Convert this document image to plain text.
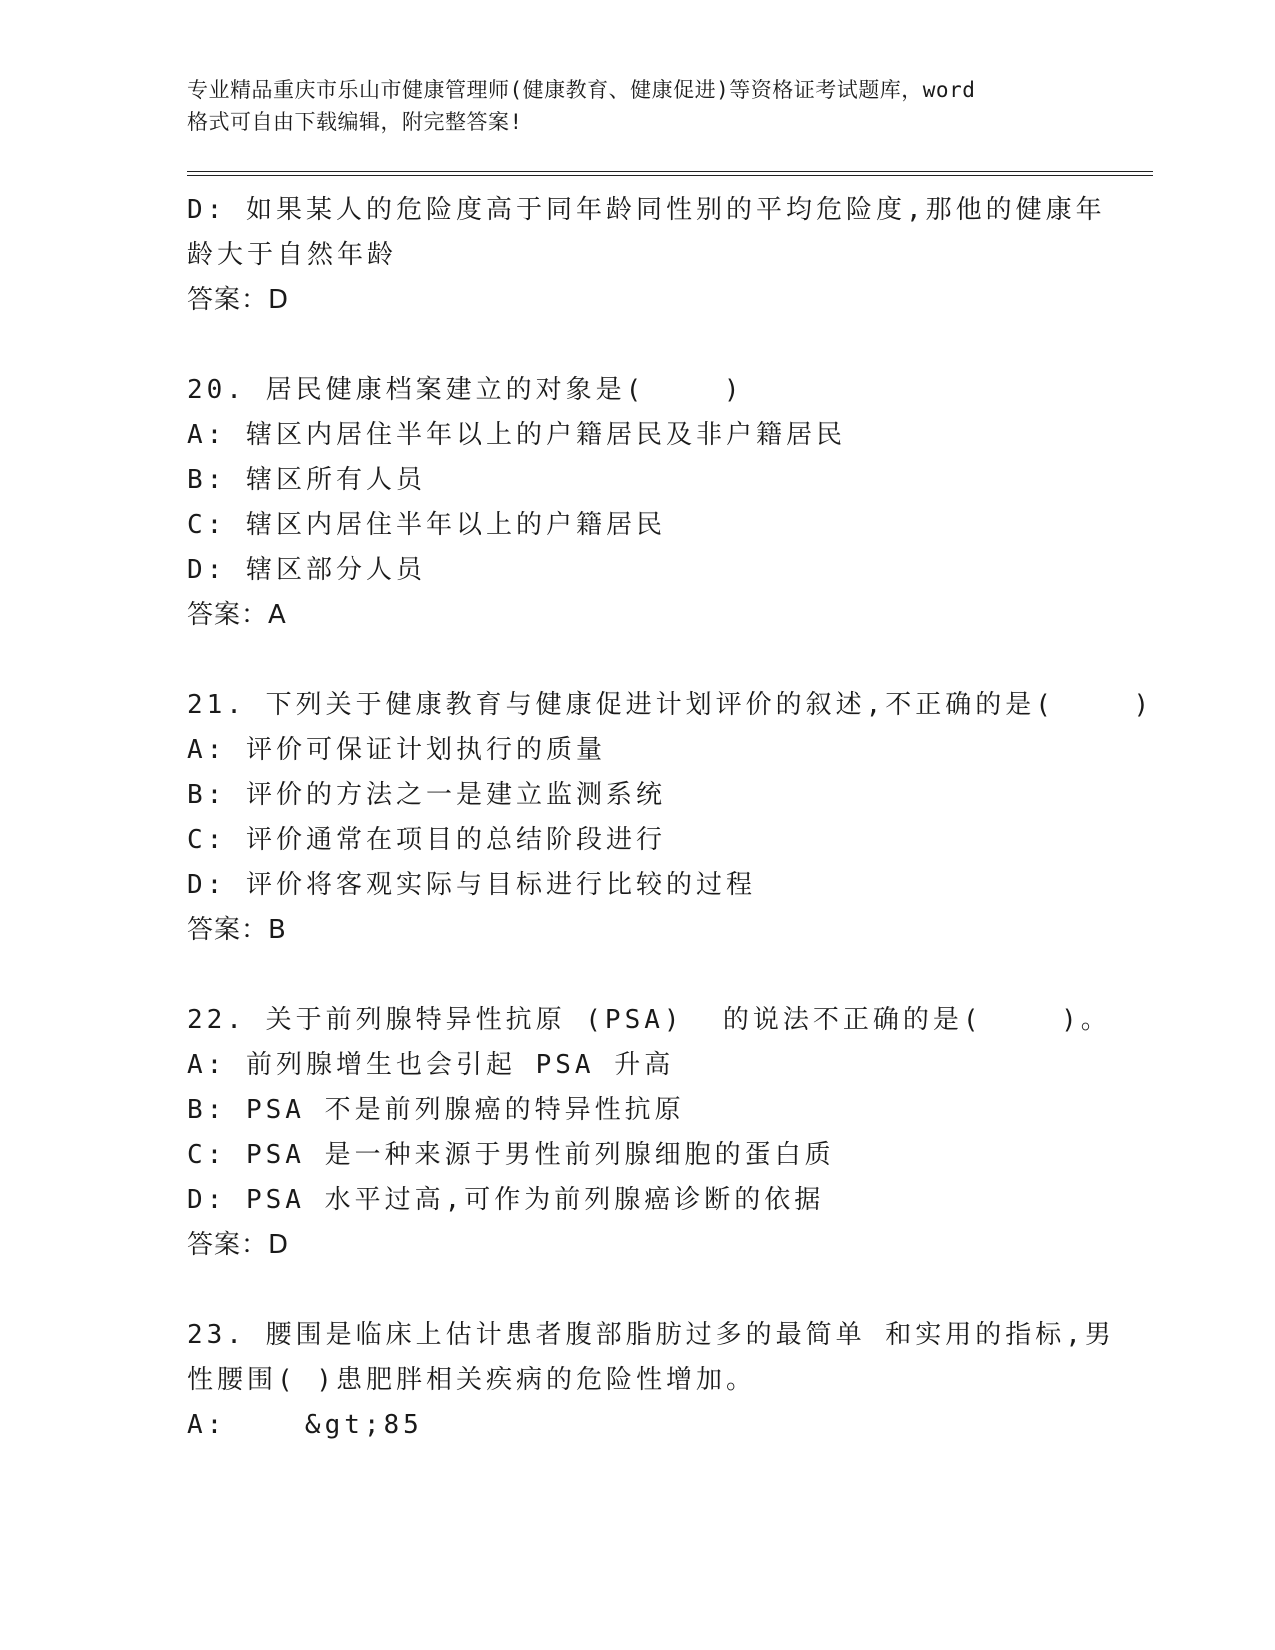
专业精品重庆市乐山市健康管理师(健康教育、健康促进)等资格证考试题库，word
格式可自由下载编辑，附完整答案!
D: 如果某人的危险度高于同年龄同性别的平均危险度,那他的健康年
龄大于自然年龄
答案：D
20. 居民健康档案建立的对象是(    )
A: 辖区内居住半年以上的户籍居民及非户籍居民
B: 辖区所有人员
C: 辖区内居住半年以上的户籍居民
D: 辖区部分人员
答案：A
21. 下列关于健康教育与健康促进计划评价的叙述,不正确的是(    )
A: 评价可保证计划执行的质量
B: 评价的方法之一是建立监测系统
C: 评价通常在项目的总结阶段进行
D: 评价将客观实际与目标进行比较的过程
答案：B
22. 关于前列腺特异性抗原 (PSA)  的说法不正确的是(    )。
A: 前列腺增生也会引起 PSA 升高
B: PSA 不是前列腺癌的特异性抗原
C: PSA 是一种来源于男性前列腺细胞的蛋白质
D: PSA 水平过高,可作为前列腺癌诊断的依据
答案：D
23. 腰围是临床上估计患者腹部脂肪过多的最简单 和实用的指标,男
性腰围( )患肥胖相关疾病的危险性增加。
A:    &gt;85
